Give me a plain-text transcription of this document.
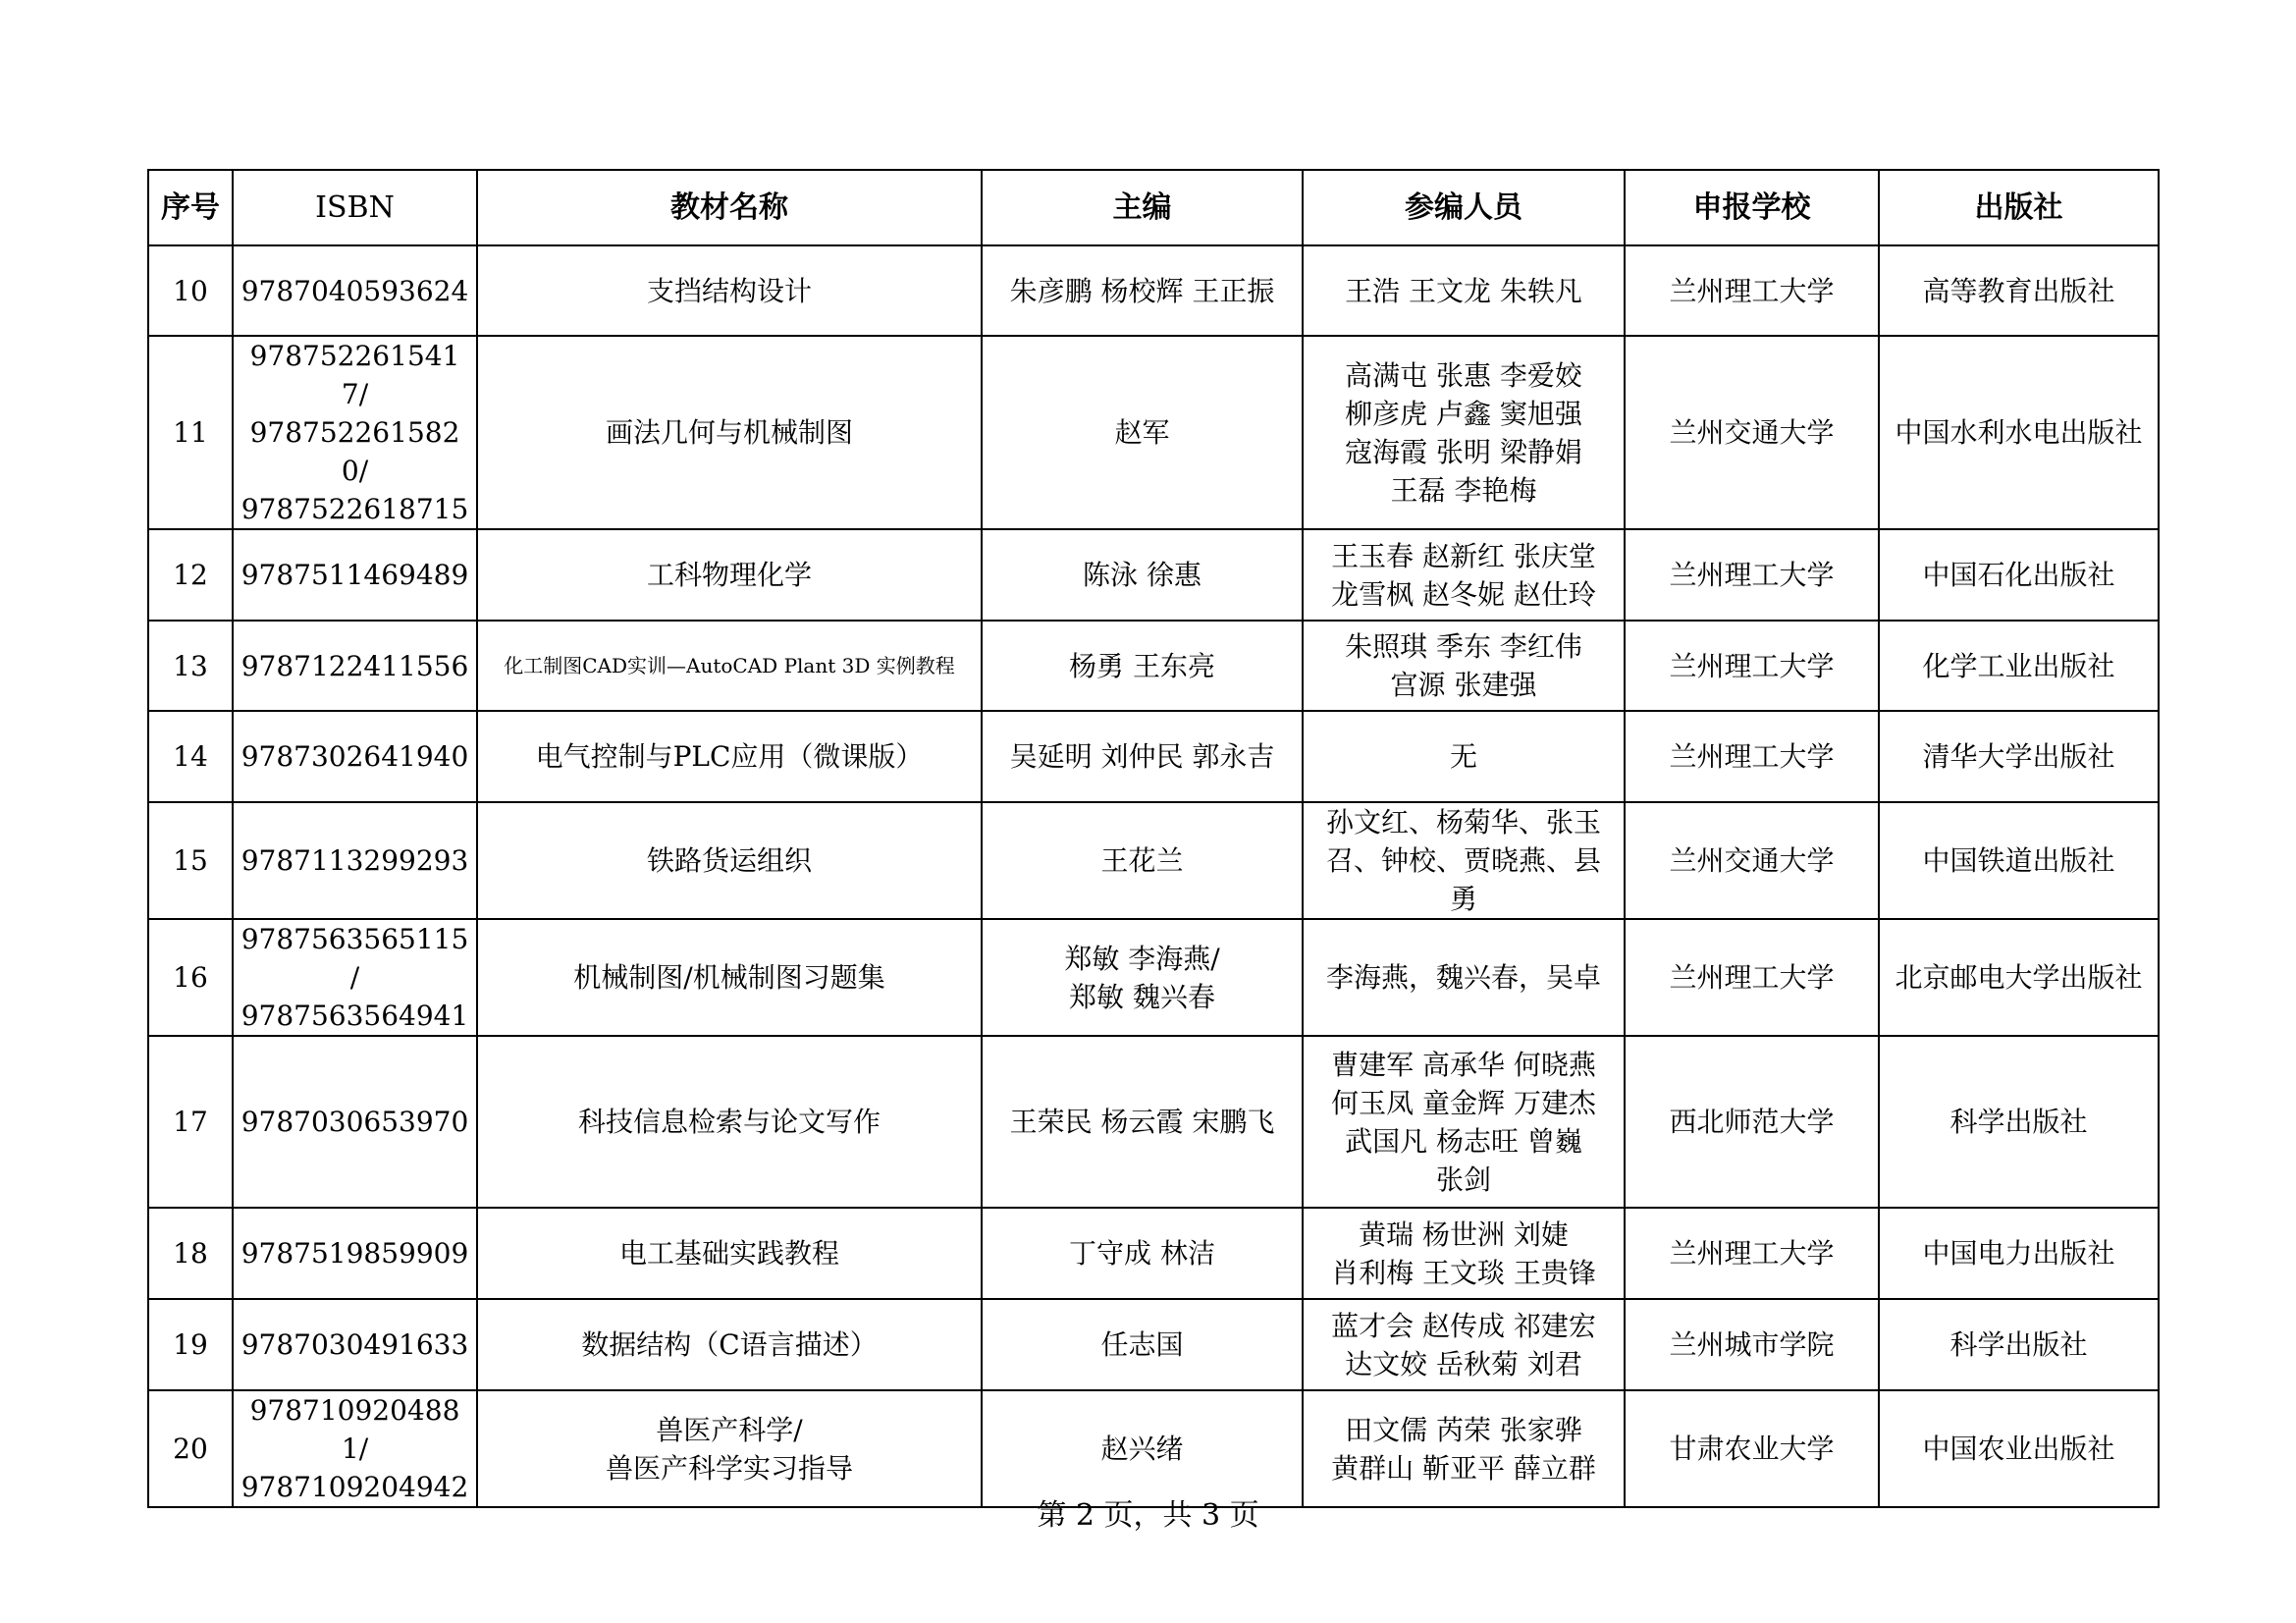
序号	ISBN	教材名称	主编	参编人员	申报学校	出版社

10	9787040593624	支挡结构设计	朱彦鹏 杨校辉 王正振	王浩 王文龙 朱轶凡	兰州理工大学	高等教育出版社

11	9787522615417/
9787522615820/
9787522618715	画法几何与机械制图	赵军	高满屯 张惠 李爱姣
柳彦虎 卢鑫 窦旭强
寇海霞 张明 梁静娟
王磊 李艳梅	兰州交通大学	中国水利水电出版社

12	9787511469489	工科物理化学	陈泳 徐惠	王玉春 赵新红 张庆堂
龙雪枫 赵冬妮 赵仕玲	兰州理工大学	中国石化出版社

13	9787122411556	化工制图CAD实训—AutoCAD Plant 3D 实例教程	杨勇 王东亮	朱照琪 季东 李红伟
宫源 张建强	兰州理工大学	化学工业出版社

14	9787302641940	电气控制与PLC应用（微课版）	吴延明 刘仲民 郭永吉	无	兰州理工大学	清华大学出版社

15	9787113299293	铁路货运组织	王花兰	孙文红、杨菊华、张玉
召、钟校、贾晓燕、县
勇	兰州交通大学	中国铁道出版社

16	9787563565115 /
9787563564941	机械制图/机械制图习题集	郑敏 李海燕/
郑敏 魏兴春	李海燕，魏兴春，吴卓	兰州理工大学	北京邮电大学出版社

17	9787030653970	科技信息检索与论文写作	王荣民 杨云霞 宋鹏飞	曹建军 高承华 何晓燕
何玉凤 童金辉 万建杰
武国凡 杨志旺 曾巍
张剑	西北师范大学	科学出版社

18	9787519859909	电工基础实践教程	丁守成 林洁	黄瑞 杨世洲 刘婕
肖利梅 王文琰 王贵锋	兰州理工大学	中国电力出版社

19	9787030491633	数据结构（C语言描述）	任志国	蓝才会 赵传成 祁建宏
达文姣 岳秋菊 刘君	兰州城市学院	科学出版社

20	9787109204881/
9787109204942	兽医产科学/
兽医产科学实习指导	赵兴绪	田文儒 芮荣 张家骅
黄群山 靳亚平 薛立群	甘肃农业大学	中国农业出版社
第 2 页，共 3 页
